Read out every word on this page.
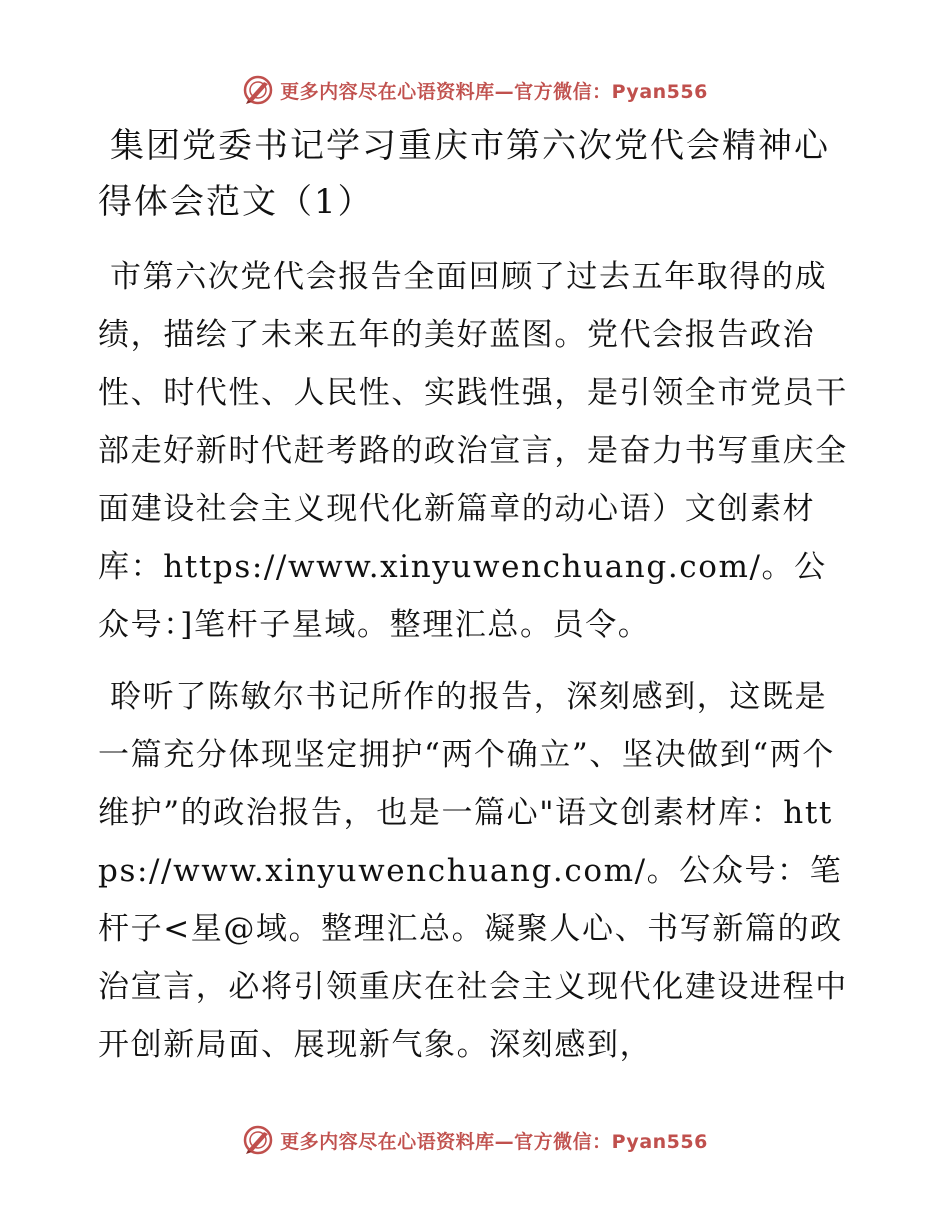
更多内容尽在心语资料库—官方微信：Pyan556
集团党委书记学习重庆市第六次党代会精神心得体会范文（1）

市第六次党代会报告全面回顾了过去五年取得的成绩，描绘了未来五年的美好蓝图。党代会报告政治性、时代性、人民性、实践性强，是引领全市党员干部走好新时代赶考路的政治宣言，是奋力书写重庆全面建设社会主义现代化新篇章的动心语）文创素材库：https://www.xinyuwenchuang.com/。公众号：]笔杆子星域。整理汇总。员令。

聆听了陈敏尔书记所作的报告，深刻感到，这既是一篇充分体现坚定拥护“两个确立”、坚决做到“两个维护”的政治报告，也是一篇心"语文创素材库：https://www.xinyuwenchuang.com/。公众号：笔杆子<星@域。整理汇总。凝聚人心、书写新篇的政治宣言，必将引领重庆在社会主义现代化建设进程中开创新局面、展现新气象。深刻感到，

更多内容尽在心语资料库—官方微信：Pyan556
